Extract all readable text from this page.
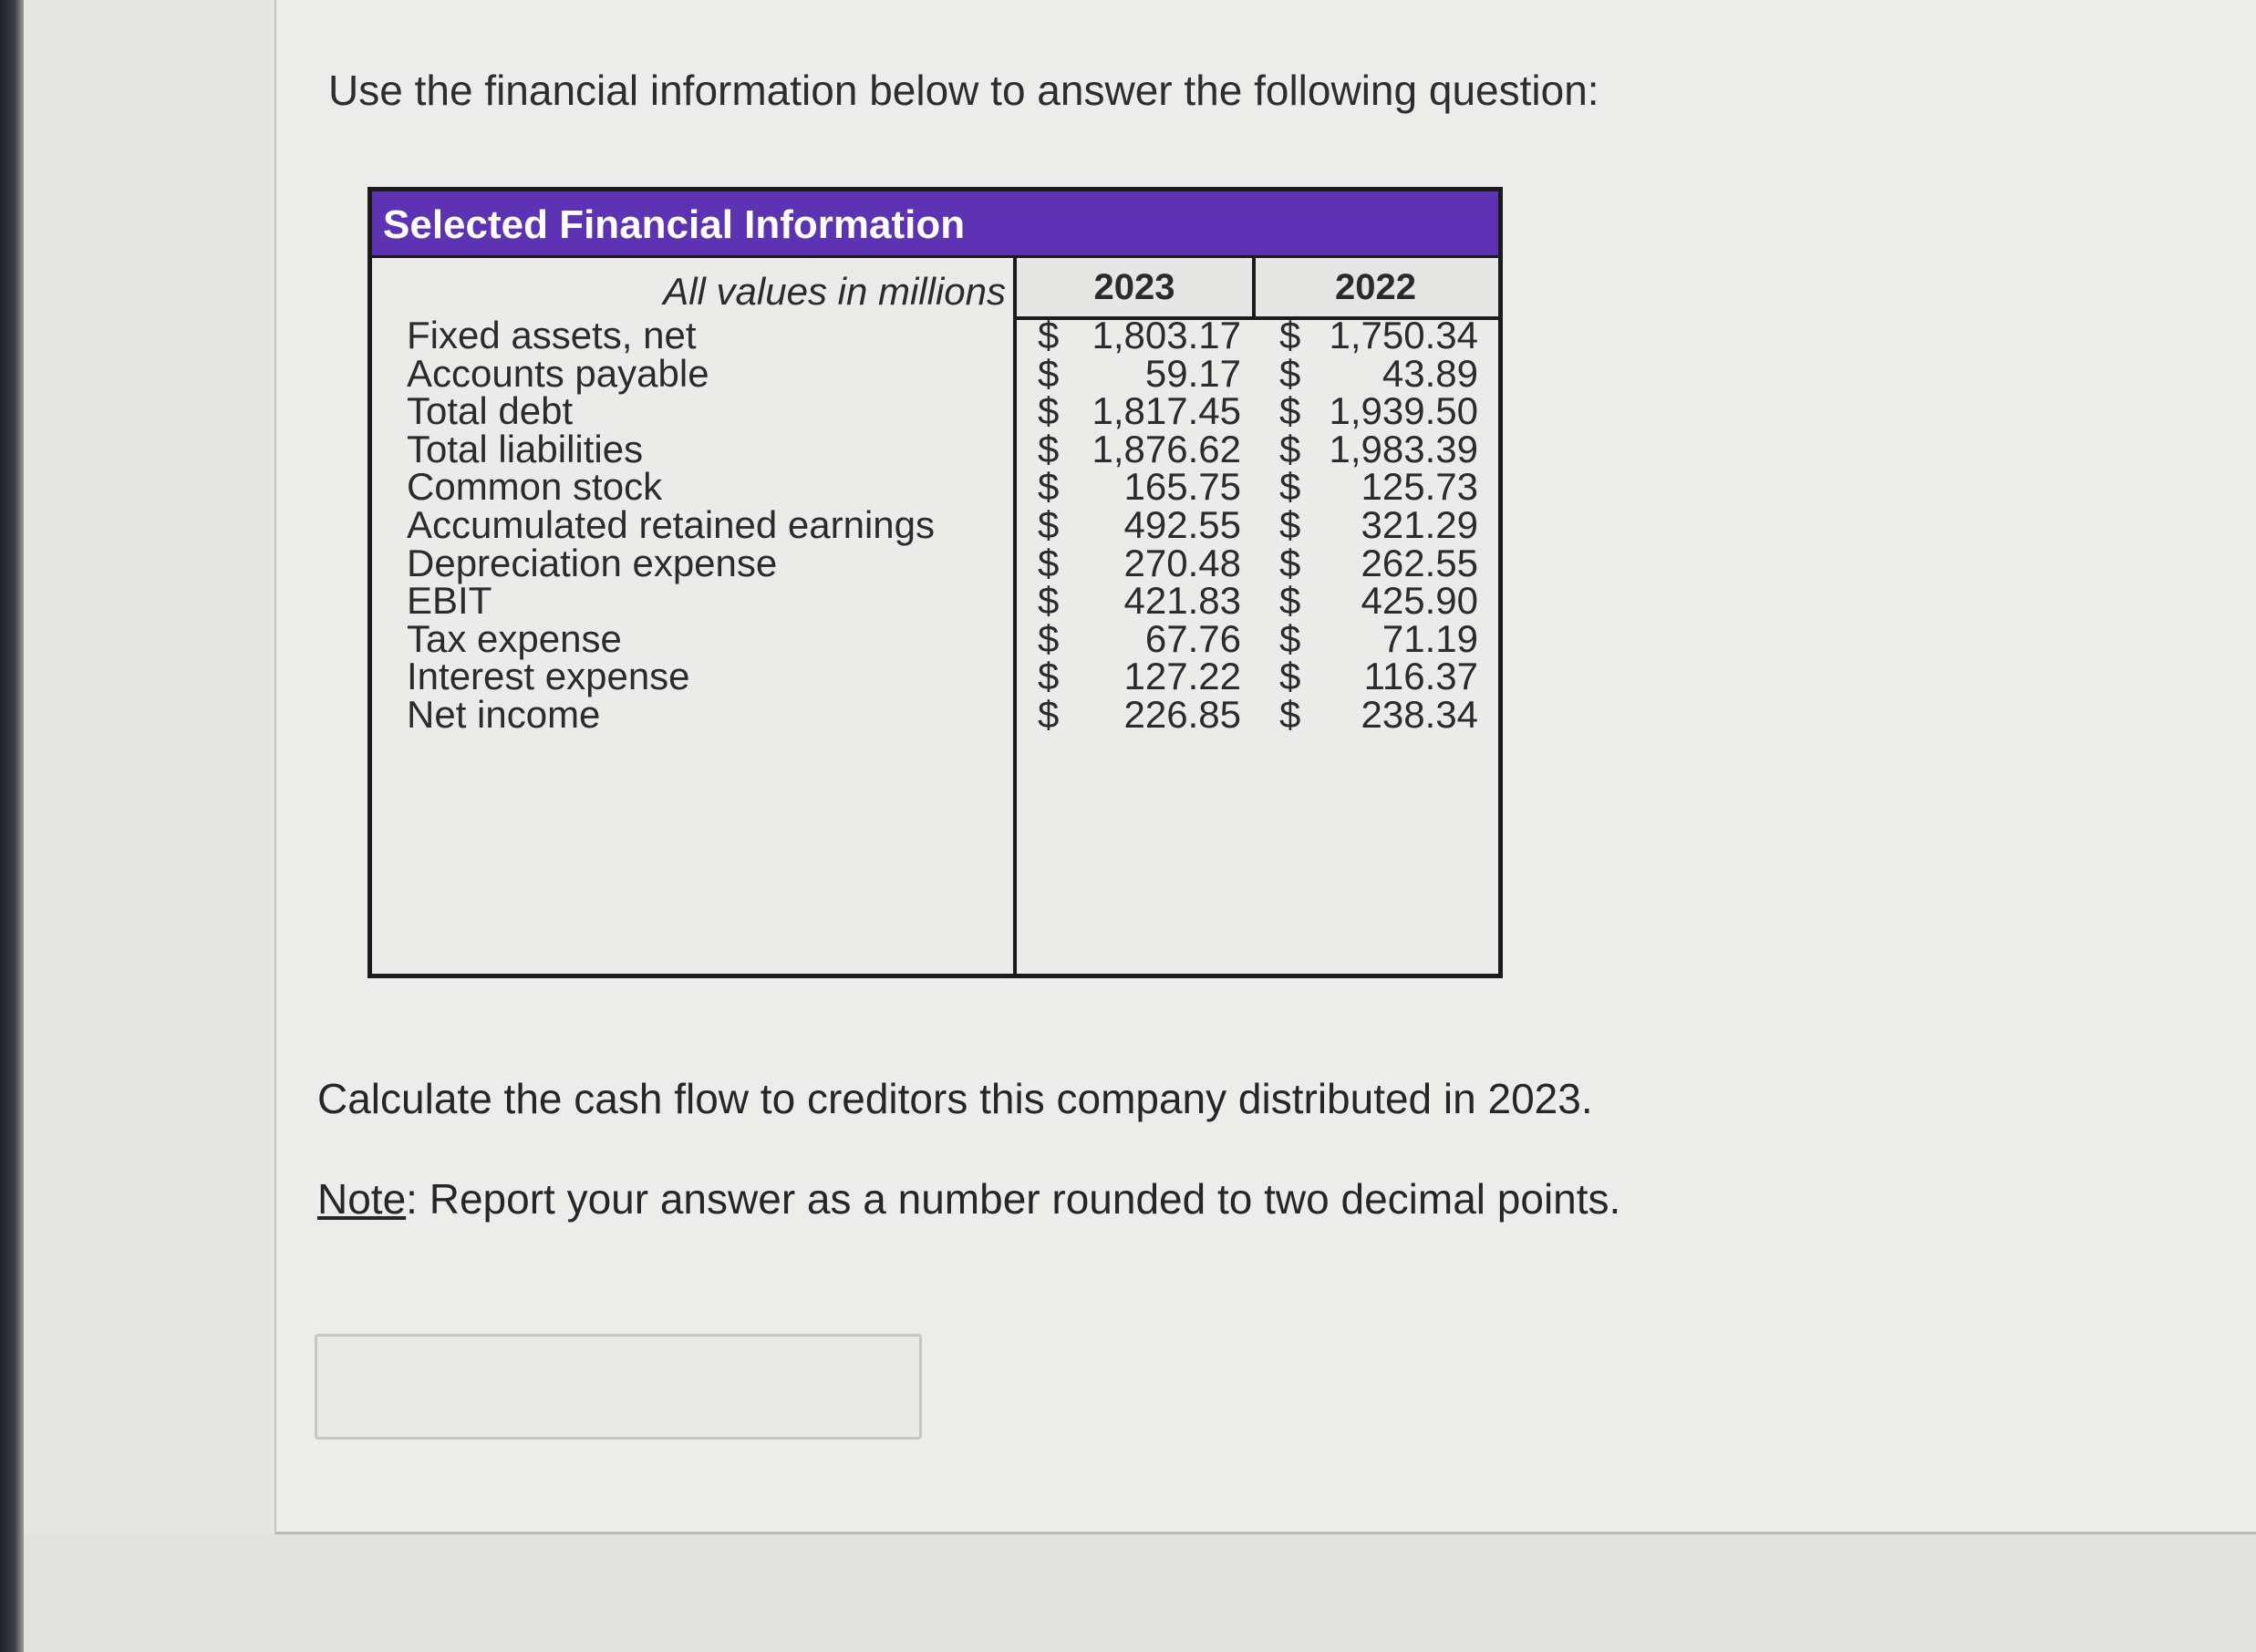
Use the financial information below to answer the following question:

Selected Financial Information
All values in millions	2023	2022
Fixed assets, net	$ 1,803.17 $ 1,750.34
Accounts payable	$ 59.17 $ 43.89
Total debt	$ 1,817.45 $ 1,939.50
Total liabilities	$ 1,876.62 $ 1,983.39
Common stock	$ 165.75 $ 125.73
Accumulated retained earnings	$ 492.55 $ 321.29
Depreciation expense	$ 270.48 $ 262.55
EBIT	$ 421.83 $ 425.90
Tax expense	$ 67.76 $ 71.19
Interest expense	$ 127.22 $ 116.37
Net income	$ 226.85 $ 238.34

Calculate the cash flow to creditors this company distributed in 2023.

Note: Report your answer as a number rounded to two decimal points.
